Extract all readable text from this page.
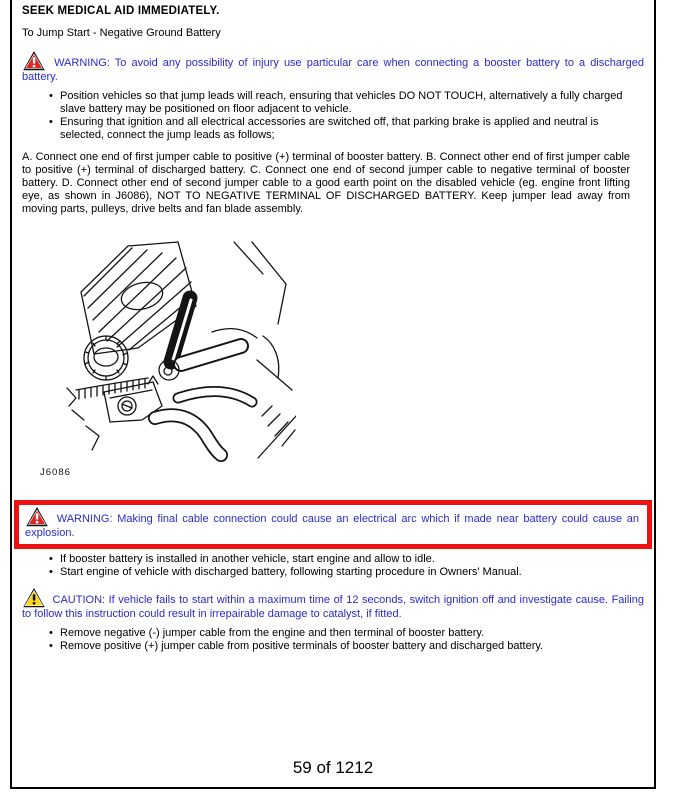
SEEK MEDICAL AID IMMEDIATELY.

To Jump Start - Negative Ground Battery

WARNING: To avoid any possibility of injury use particular care when connecting a booster battery to a discharged battery.

• Position vehicles so that jump leads will reach, ensuring that vehicles DO NOT TOUCH, alternatively a fully charged slave battery may be positioned on floor adjacent to vehicle.
• Ensuring that ignition and all electrical accessories are switched off, that parking brake is applied and neutral is selected, connect the jump leads as follows;

A. Connect one end of first jumper cable to positive (+) terminal of booster battery. B. Connect other end of first jumper cable to positive (+) terminal of discharged battery. C. Connect one end of second jumper cable to negative terminal of booster battery. D. Connect other end of second jumper cable to a good earth point on the disabled vehicle (eg. engine front lifting eye, as shown in J6086), NOT TO NEGATIVE TERMINAL OF DISCHARGED BATTERY. Keep jumper lead away from moving parts, pulleys, drive belts and fan blade assembly.

J6086

WARNING: Making final cable connection could cause an electrical arc which if made near battery could cause an explosion.

• If booster battery is installed in another vehicle, start engine and allow to idle.
• Start engine of vehicle with discharged battery, following starting procedure in Owners' Manual.

CAUTION: If vehicle fails to start within a maximum time of 12 seconds, switch ignition off and investigate cause. Failing to follow this instruction could result in irrepairable damage to catalyst, if fitted.

• Remove negative (-) jumper cable from the engine and then terminal of booster battery.
• Remove positive (+) jumper cable from positive terminals of booster battery and discharged battery.
59 of 1212
